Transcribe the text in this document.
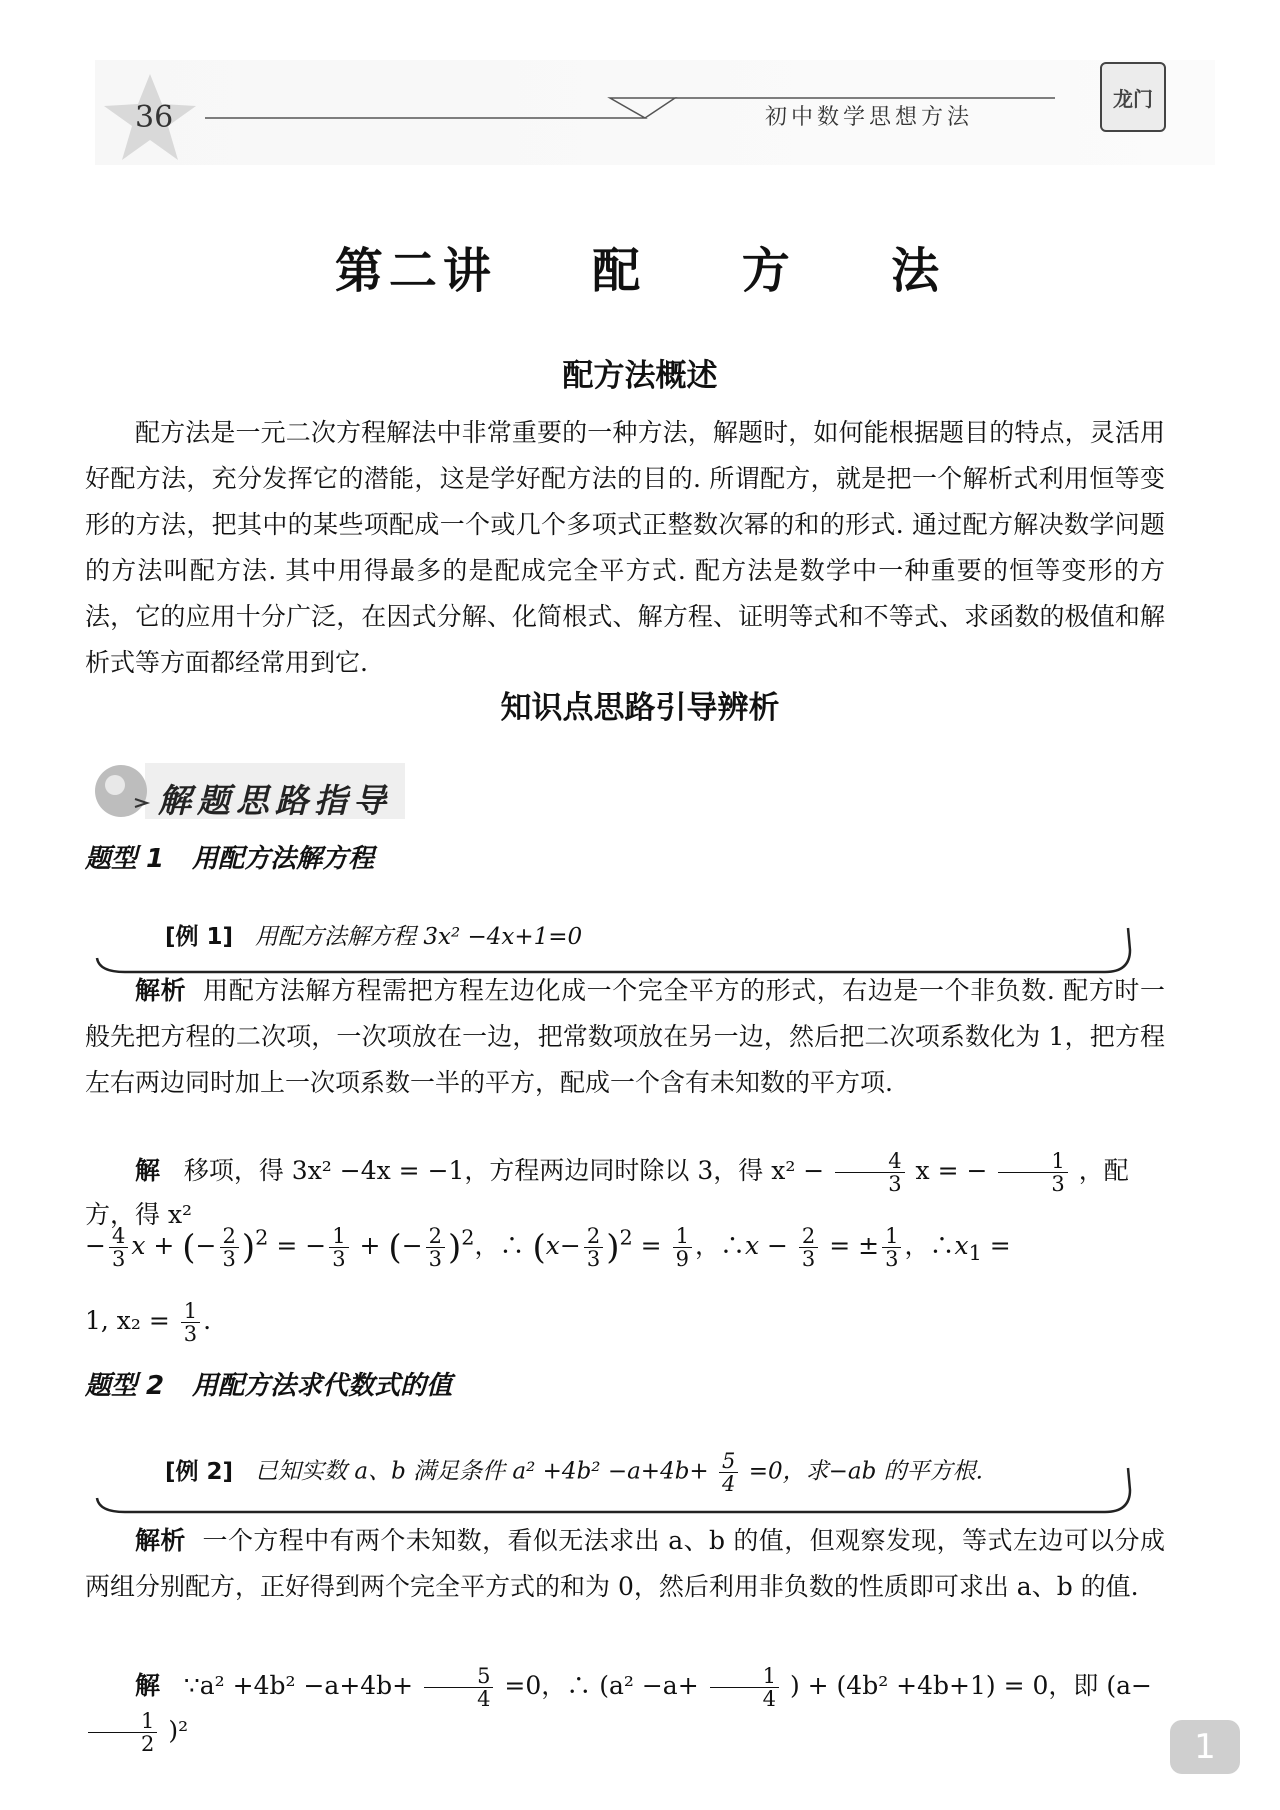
36	初中数学思想方法
龙门
第二讲 配 方 法
配方法概述

配方法是一元二次方程解法中非常重要的一种方法，解题时，如何能根据题目的特点，灵活用好配方法，充分发挥它的潜能，这是学好配方法的目的. 所谓配方，就是把一个解析式利用恒等变形的方法，把其中的某些项配成一个或几个多项式正整数次幂的和的形式. 通过配方解决数学问题的方法叫配方法. 其中用得最多的是配成完全平方式. 配方法是数学中一种重要的恒等变形的方法，它的应用十分广泛，在因式分解、化简根式、解方程、证明等式和不等式、求函数的极值和解析式等方面都经常用到它.

知识点思路引导辨析
解题思路指导
题型 1 用配方法解方程
[例 1] 用配方法解方程 3x² −4x+1=0

解析 用配方法解方程需把方程左边化成一个完全平方的形式，右边是一个非负数. 配方时一般先把方程的二次项，一次项放在一边，把常数项放在另一边，然后把二次项系数化为 1，把方程左右两边同时加上一次项系数一半的平方，配成一个含有未知数的平方项.

解 移项，得 3x² −4x = −1，方程两边同时除以 3，得 $x^2 - \frac{4}{3}$ x = − $\frac{1}{3}$ ，配方，得 x²
− $\frac{4}{3}$ x + (− $\frac{2}{3} )^2$ = − $\frac{1}{3}$ + (− $\frac{2}{3} )^2$，∴ $(x- \frac{2}{3} )^2 = \frac{1}{9}$ ，∴x − $\frac{2}{3}$ = ± $\frac{1}{3}$ ，$\therefore x_1$ =
1, $x_2 = \frac{1}{3}$ .
题型 2 用配方法求代数式的值
[例 2] 已知实数 a、b 满足条件 $a^2 +4b^2 -a+4b+ \frac{5}{4} =0$，求−ab 的平方根.

解析 一个方程中有两个未知数，看似无法求出 a、b 的值，但观察发现，等式左边可以分成两组分别配方，正好得到两个完全平方式的和为 0，然后利用非负数的性质即可求出 a、b 的值.

解 ∵a² $+4b^2 -a+4b+ \frac{5}{4} =0$，∴ ($a^2 -a+ \frac{1}{4}$ ) + (4b² +4b+1) = 0，即 (a−
$\frac{1}{2} )^2$	1
